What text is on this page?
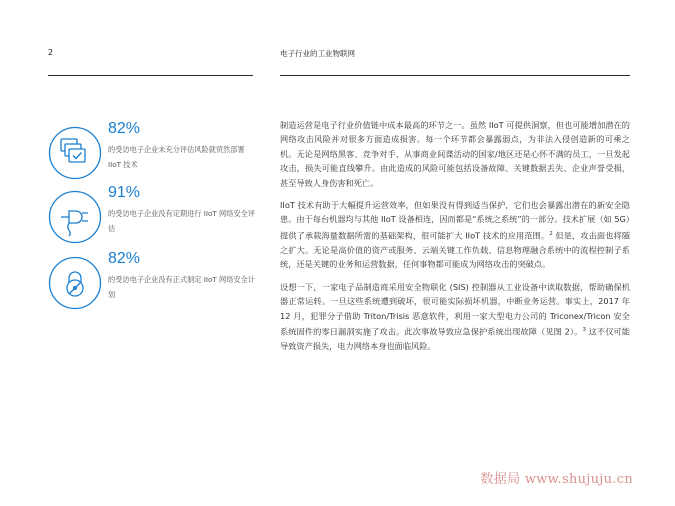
2	电子行业的工业物联网
82%
的受访电子企业未充分评估风险就贸然部署 IIoT 技术
91%
的受访电子企业没有定期进行 IIoT 网络安全评估
82%
的受访电子企业没有正式制定 IIoT 网络安全计划

制造运营是电子行业价值链中成本最高的环节之一。虽然 IIoT 可提供洞察，但也可能增加潜在的网络攻击风险并对很多方面造成损害。每一个环节都会暴露弱点，为非法入侵创造新的可乘之机。无论是网络黑客、竞争对手、从事商业间谍活动的国家/地区还是心怀不满的员工，一旦发起攻击，损失可能直线攀升。由此造成的风险可能包括设备故障、关键数据丢失、企业声誉受损，甚至导致人身伤害和死亡。

IIoT 技术有助于大幅提升运营效率，但如果没有得到适当保护，它们也会暴露出潜在的新安全隐患。由于每台机器均与其他 IIoT 设备相连，因而都是“系统之系统”的一部分。技术扩展（如 5G）提供了承载海量数据所需的基础架构，很可能扩大 IIoT 技术的应用范围。$^2$ 但是，攻击面也将随之扩大。无论是高价值的资产或服务、云端关键工作负载、信息物理融合系统中的流程控制子系统，还是关键的业务和运营数据，任何事物都可能成为网络攻击的突破点。

设想一下，一家电子品制造商采用安全物联化 (SIS) 控制器从工业设备中读取数据，帮助确保机器正常运转。一旦这些系统遭到破坏，很可能实际损坏机器，中断业务运营。事实上，2017 年 12 月，犯罪分子借助 Triton/Trisis 恶意软件，利用一家大型电力公司的 Triconex/Tricon 安全系统固件的零日漏洞实施了攻击。此次事故导致应急保护系统出现故障（见图 2）。$^3$ 这不仅可能导致资产损失，电力网络本身也面临风险。

数据局 www.shujuju.cn
